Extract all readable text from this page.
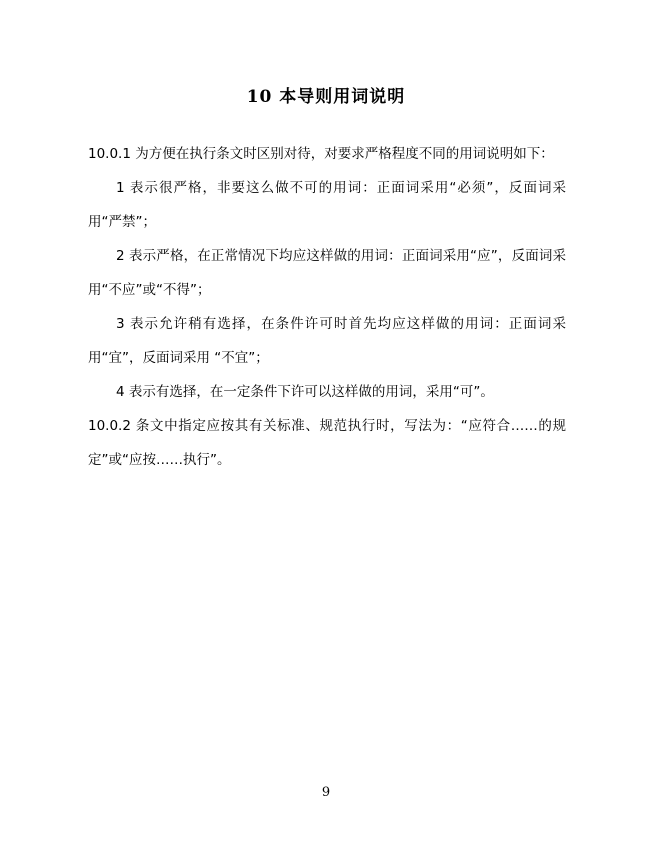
10 本导则用词说明

10.0.1 为方便在执行条文时区别对待，对要求严格程度不同的用词说明如下：

1 表示很严格，非要这么做不可的用词：正面词采用“必须”，反面词采用“严禁”；

2 表示严格，在正常情况下均应这样做的用词：正面词采用“应”，反面词采用“不应”或“不得”；

3 表示允许稍有选择，在条件许可时首先均应这样做的用词：正面词采用“宜”，反面词采用 “不宜”；

4 表示有选择，在一定条件下许可以这样做的用词，采用“可”。

10.0.2 条文中指定应按其有关标准、规范执行时，写法为：“应符合……的规定”或“应按……执行”。

9
